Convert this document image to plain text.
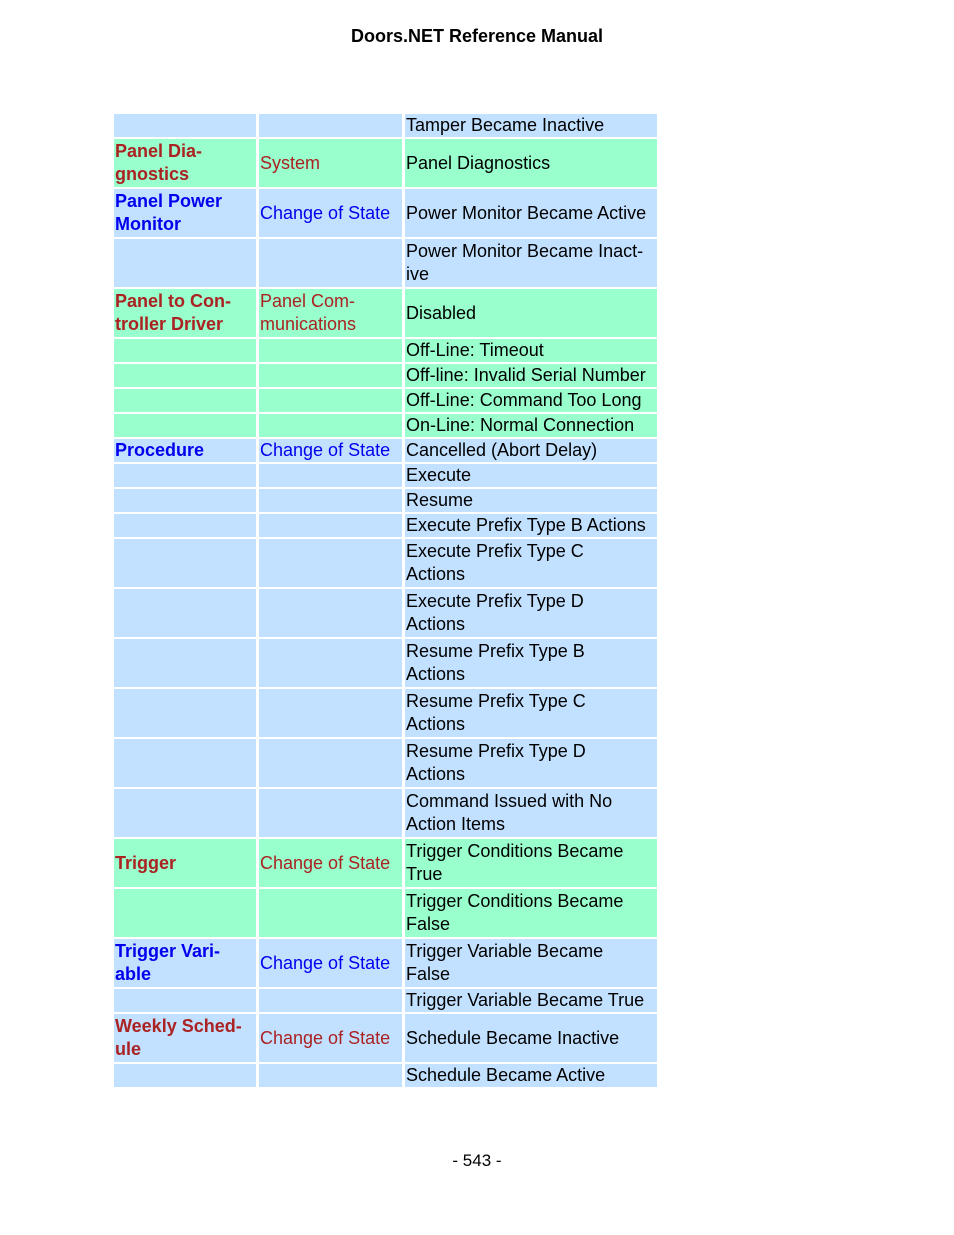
Doors.NET Reference Manual
		Tamper Became Inactive
Panel Dia-
gnostics	System	Panel Diagnostics
Panel Power
Monitor	Change of State	Power Monitor Became Active
		Power Monitor Became Inact-
ive
Panel to Con-
troller Driver	Panel Com-
munications	Disabled
		Off-Line: Timeout
		Off-line: Invalid Serial Number
		Off-Line: Command Too Long
		On-Line: Normal Connection
Procedure	Change of State	Cancelled (Abort Delay)
		Execute
		Resume
		Execute Prefix Type B Actions
		Execute Prefix Type C
Actions
		Execute Prefix Type D
Actions
		Resume Prefix Type B
Actions
		Resume Prefix Type C
Actions
		Resume Prefix Type D
Actions
		Command Issued with No
Action Items
Trigger	Change of State	Trigger Conditions Became
True
		Trigger Conditions Became
False
Trigger Vari-
able	Change of State	Trigger Variable Became
False
		Trigger Variable Became True
Weekly Sched-
ule	Change of State	Schedule Became Inactive
		Schedule Became Active
- 543 -
